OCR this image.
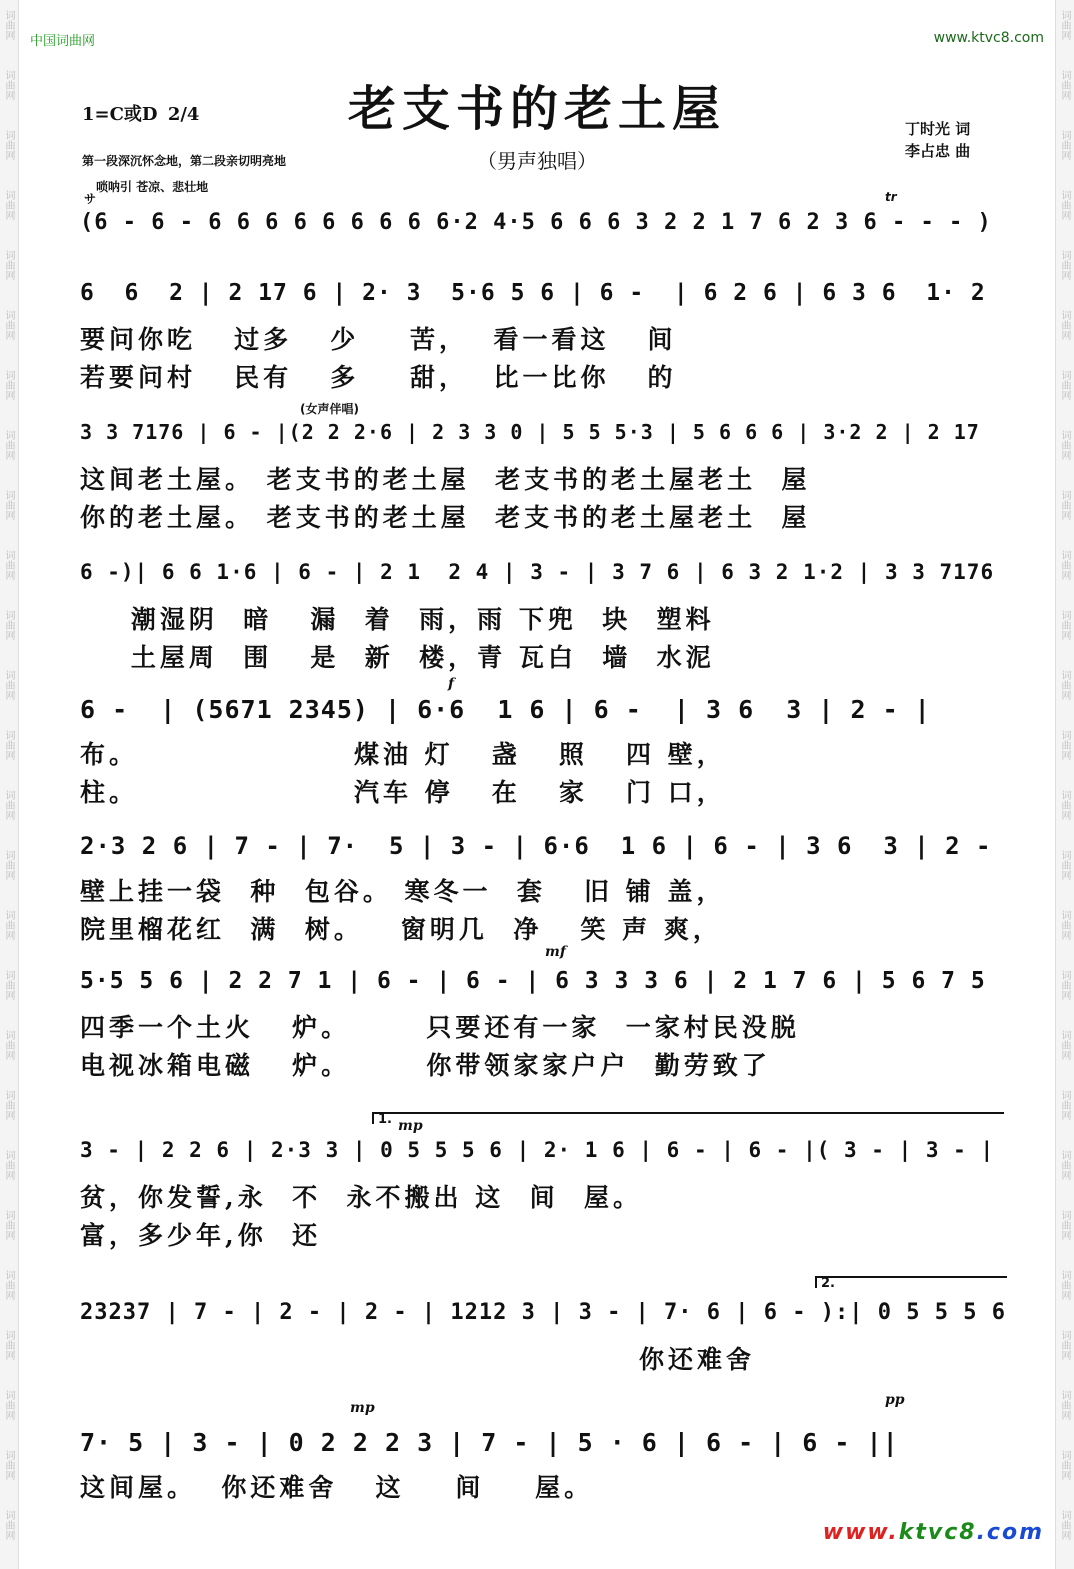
词曲网
词曲网
词曲网
词曲网
词曲网
词曲网
词曲网
词曲网
词曲网
词曲网
词曲网
词曲网
词曲网
词曲网
词曲网
词曲网
词曲网
词曲网
词曲网
词曲网
词曲网
词曲网
词曲网
词曲网
词曲网
词曲网
词曲网
词曲网
词曲网
词曲网
词曲网
词曲网
词曲网
词曲网
词曲网
词曲网
词曲网
词曲网
词曲网
词曲网
词曲网
词曲网
词曲网
词曲网
词曲网
词曲网
词曲网
词曲网
词曲网
词曲网
词曲网
词曲网
中国词曲网	www.ktvc8.com
老支书的老土屋
（男声独唱）
1=C或D 2/4
丁时光 词
李占忠 曲
第一段深沉怀念地，第二段亲切明亮地
唢呐引 苍凉、悲壮地
サ
(女声伴唱)
tr
f
mf
mp
mp	pp
1.
2.
(6 - 6 - 6 6 6 6 6 6 6 6 6·2 4·5 6 6 6 3 2 2 1 7 6 2 3 6 - - - )
6  6  2 | 2 17 6 | 2· 3  5·6 5 6 | 6 -  | 6 2 6 | 6 3 6  1· 2
要问你吃   过多   少    苦，  看一看这   间
若要问村   民有   多    甜，  比一比你   的
3 3 7176 | 6 - |(2 2 2·6 | 2 3 3 0 | 5 5 5·3 | 5 6 6 6 | 3·2 2 | 2 17
这间老土屋。 老支书的老土屋  老支书的老土屋老土  屋
你的老土屋。 老支书的老土屋  老支书的老土屋老土  屋
6 -)| 6 6 1·6 | 6 - | 2 1  2 4 | 3 - | 3 7 6 | 6 3 2 1·2 | 3 3 7176
潮湿阴  暗   漏  着  雨，雨 下兜  块  塑料
土屋周  围   是  新  楼，青 瓦白  墙  水泥
6 -  | (5671 2345) | 6·6  1 6 | 6 -  | 3 6  3 | 2 - |
布。                 煤油 灯   盏   照   四 壁，
柱。                 汽车 停   在   家   门 口，
2·3 2 6 | 7 - | 7·  5 | 3 - | 6·6  1 6 | 6 - | 3 6  3 | 2 -
壁上挂一袋  种  包谷。 寒冬一  套   旧 铺 盖，
院里榴花红  满  树。   窗明几  净   笑 声 爽，
5·5 5 6 | 2 2 7 1 | 6 - | 6 - | 6 3 3 3 6 | 2 1 7 6 | 5 6 7 5
四季一个土火   炉。      只要还有一家  一家村民没脱
电视冰箱电磁   炉。      你带领家家户户  勤劳致了
3 - | 2 2 6 | 2·3 3 | 0 5 5 5 6 | 2· 1 6 | 6 - | 6 - |( 3 - | 3 - |
贫，你发誓,永  不  永不搬出 这  间  屋。
富，多少年,你  还
23237 | 7 - | 2 - | 2 - | 1212 3 | 3 - | 7· 6 | 6 - ):| 0 5 5 5 6
你还难舍
7· 5 | 3 - | 0 2 2 2 3 | 7 - | 5 · 6 | 6 - | 6 - ||
这间屋。  你还难舍   这    间    屋。
www.ktvc8.com
